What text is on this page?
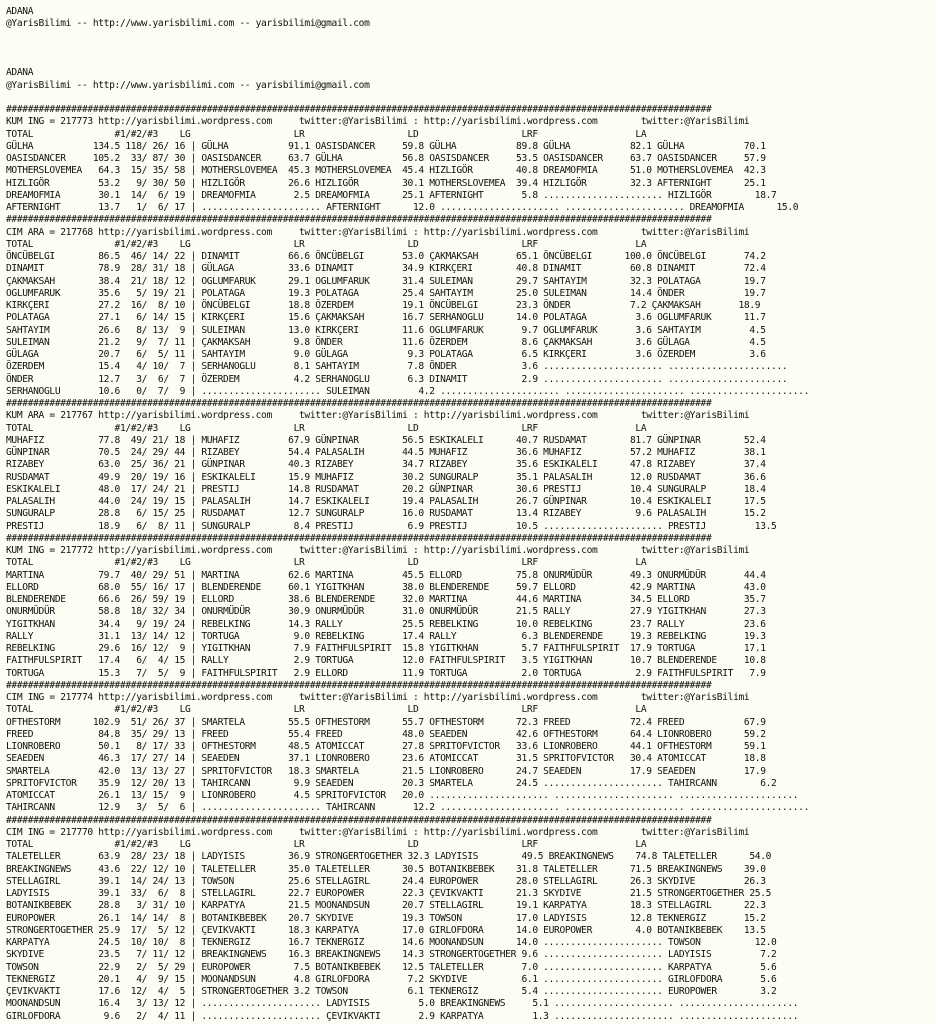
ADANA
@YarisBilimi -- http://www.yarisbilimi.com -- yarisbilimi@gmail.com

ADANA
@YarisBilimi -- http://www.yarisbilimi.com -- yarisbilimi@gmail.com

##################################################################################################################################
KUM ING = 217773 http://yarisbilimi.wordpress.com     twitter:@YarisBilimi : http://yarisbilimi.wordpress.com        twitter:@YarisBilimi
TOTAL               #1/#2/#3    LG                   LR                   LD                   LRF                  LA
GÜLHA           134.5 118/ 26/ 16 | GÜLHA           91.1 OASISDANCER     59.8 GÜLHA           89.8 GÜLHA           82.1 GÜLHA           70.1
OASISDANCER     105.2  33/ 87/ 30 | OASISDANCER     63.7 GÜLHA           56.8 OASISDANCER     53.5 OASISDANCER     63.7 OASISDANCER     57.9
MOTHERSLOVEMEA   64.3  15/ 35/ 58 | MOTHERSLOVEMEA  45.3 MOTHERSLOVEMEA  45.4 HIZLIGÖR        40.8 DREAMOFMIA      51.0 MOTHERSLOVEMEA  42.3
HIZLIGÖR         53.2   9/ 30/ 50 | HIZLIGÖR        26.6 HIZLIGÖR        30.1 MOTHERSLOVEMEA  39.4 HIZLIGÖR        32.3 AFTERNIGHT      25.1
DREAMOFMIA       30.1  14/  6/ 19 | DREAMOFMIA       2.5 DREAMOFMIA      25.1 AFTERNIGHT       5.8 ...................... HIZLIGÖR        18.7
AFTERNIGHT       13.7   1/  6/ 17 | ...................... AFTERNIGHT      12.0 ...................... ...................... DREAMOFMIA      15.0
##################################################################################################################################
CIM ARA = 217768 http://yarisbilimi.wordpress.com     twitter:@YarisBilimi : http://yarisbilimi.wordpress.com        twitter:@YarisBilimi
TOTAL               #1/#2/#3    LG                   LR                   LD                   LRF                  LA
ÖNCÜBELGI        86.5  46/ 14/ 22 | DINAMIT         66.6 ÖNCÜBELGI       53.0 ÇAKMAKSAH       65.1 ÖNCÜBELGI      100.0 ÖNCÜBELGI       74.2
DINAMIT          78.9  28/ 31/ 18 | GÜLAGA          33.6 DINAMIT         34.9 KIRKÇERI        40.8 DINAMIT         60.8 DINAMIT         72.4
ÇAKMAKSAH        38.4  21/ 18/ 12 | OGLUMFARUK      29.1 OGLUMFARUK      31.4 SULEIMAN        29.7 SAHTAYIM        32.3 POLATAGA        19.7
OGLUMFARUK       35.6   5/ 19/ 21 | POLATAGA        19.3 POLATAGA        25.4 SAHTAYIM        25.0 SULEIMAN        14.4 ÖNDER           19.7
KIRKÇERI         27.2  16/  8/ 10 | ÖNCÜBELGI       18.8 ÖZERDEM         19.1 ÖNCÜBELGI       23.3 ÖNDER           7.2 ÇAKMAKSAH       18.9
POLATAGA         27.1   6/ 14/ 15 | KIRKÇERI        15.6 ÇAKMAKSAH       16.7 SERHANOGLU      14.0 POLATAGA         3.6 OGLUMFARUK      11.7
SAHTAYIM         26.6   8/ 13/  9 | SULEIMAN        13.0 KIRKÇERI        11.6 OGLUMFARUK       9.7 OGLUMFARUK       3.6 SAHTAYIM         4.5
SULEIMAN         21.2   9/  7/ 11 | ÇAKMAKSAH        9.8 ÖNDER           11.6 ÖZERDEM          8.6 ÇAKMAKSAH        3.6 GÜLAGA           4.5
GÜLAGA           20.7   6/  5/ 11 | SAHTAYIM         9.0 GÜLAGA           9.3 POLATAGA         6.5 KIRKÇERI         3.6 ÖZERDEM          3.6
ÖZERDEM          15.4   4/ 10/  7 | SERHANOGLU       8.1 SAHTAYIM         7.8 ÖNDER            3.6 ...................... ......................
ÖNDER            12.7   3/  6/  7 | ÖZERDEM          4.2 SERHANOGLU       6.3 DINAMIT          2.9 ...................... ......................
SERHANOGLU       10.6   0/  7/  9 | ...................... SULEIMAN         4.2 ...................... ...................... ......................
##################################################################################################################################
KUM ARA = 217767 http://yarisbilimi.wordpress.com     twitter:@YarisBilimi : http://yarisbilimi.wordpress.com        twitter:@YarisBilimi
TOTAL               #1/#2/#3    LG                   LR                   LD                   LRF                  LA
MUHAFIZ          77.8  49/ 21/ 18 | MUHAFIZ         67.9 GÜNPINAR        56.5 ESKIKALELI      40.7 RUSDAMAT        81.7 GÜNPINAR        52.4
GÜNPINAR         70.5  24/ 29/ 44 | RIZABEY         54.4 PALASALIH       44.5 MUHAFIZ         36.6 MUHAFIZ         57.2 MUHAFIZ         38.1
RIZABEY          63.0  25/ 36/ 21 | GÜNPINAR        40.3 RIZABEY         34.7 RIZABEY         35.6 ESKIKALELI      47.8 RIZABEY         37.4
RUSDAMAT         49.9  20/ 19/ 16 | ESKIKALELI      15.9 MUHAFIZ         30.2 SUNGURALP       35.1 PALASALIH       12.0 RUSDAMAT        36.6
ESKIKALELI       48.0  17/ 24/ 21 | PRESTIJ         14.8 RUSDAMAT        20.2 GÜNPINAR        30.6 PRESTIJ         10.4 SUNGURALP       18.4
PALASALIH        44.0  24/ 19/ 15 | PALASALIH       14.7 ESKIKALELI      19.4 PALASALIH       26.7 GÜNPINAR        10.4 ESKIKALELI      17.5
SUNGURALP        28.8   6/ 15/ 25 | RUSDAMAT        12.7 SUNGURALP       16.0 RUSDAMAT        13.4 RIZABEY          9.6 PALASALIH       15.2
PRESTIJ          18.9   6/  8/ 11 | SUNGURALP        8.4 PRESTIJ          6.9 PRESTIJ         10.5 ...................... PRESTIJ         13.5
##################################################################################################################################
KUM ING = 217772 http://yarisbilimi.wordpress.com     twitter:@YarisBilimi : http://yarisbilimi.wordpress.com        twitter:@YarisBilimi
TOTAL               #1/#2/#3    LG                   LR                   LD                   LRF                  LA
MARTINA          79.7  40/ 29/ 51 | MARTINA         62.6 MARTINA         45.5 ELLORD          75.8 ONURMÜDÜR       49.3 ONURMÜDÜR       44.4
ELLORD           68.0  55/ 16/ 17 | BLENDERENDE     60.1 YIGITKHAN       38.0 BLENDERENDE     59.7 ELLORD          42.9 MARTINA         43.0
BLENDERENDE      66.6  26/ 59/ 19 | ELLORD          38.6 BLENDERENDE     32.0 MARTINA         44.6 MARTINA         34.5 ELLORD          35.7
ONURMÜDÜR        58.8  18/ 32/ 34 | ONURMÜDÜR       30.9 ONURMÜDÜR       31.0 ONURMÜDÜR       21.5 RALLY           27.9 YIGITKHAN       27.3
YIGITKHAN        34.4   9/ 19/ 24 | REBELKING       14.3 RALLY           25.5 REBELKING       10.0 REBELKING       23.7 RALLY           23.6
RALLY            31.1  13/ 14/ 12 | TORTUGA          9.0 REBELKING       17.4 RALLY            6.3 BLENDERENDE     19.3 REBELKING       19.3
REBELKING        29.6  16/ 12/  9 | YIGITKHAN        7.9 FAITHFULSPIRIT  15.8 YIGITKHAN        5.7 FAITHFULSPIRIT  17.9 TORTUGA         17.1
FAITHFULSPIRIT   17.4   6/  4/ 15 | RALLY            2.9 TORTUGA         12.0 FAITHFULSPIRIT   3.5 YIGITKHAN       10.7 BLENDERENDE     10.8
TORTUGA          15.3   7/  5/  9 | FAITHFULSPIRIT   2.9 ELLORD          11.9 TORTUGA          2.0 TORTUGA          2.9 FAITHFULSPIRIT   7.9
##################################################################################################################################
CIM ING = 217774 http://yarisbilimi.wordpress.com     twitter:@YarisBilimi : http://yarisbilimi.wordpress.com        twitter:@YarisBilimi
TOTAL               #1/#2/#3    LG                   LR                   LD                   LRF                  LA
OFTHESTORM      102.9  51/ 26/ 37 | SMARTELA        55.5 OFTHESTORM      55.7 OFTHESTORM      72.3 FREED           72.4 FREED           67.9
FREED            84.8  35/ 29/ 13 | FREED           55.4 FREED           48.0 SEAEDEN         42.6 OFTHESTORM      64.4 LIONROBERO      59.2
LIONROBERO       50.1   8/ 17/ 33 | OFTHESTORM      48.5 ATOMICCAT       27.8 SPRITOFVICTOR   33.6 LIONROBERO      44.1 OFTHESTORM      59.1
SEAEDEN          46.3  17/ 27/ 14 | SEAEDEN         37.1 LIONROBERO      23.6 ATOMICCAT       31.5 SPRITOFVICTOR   30.4 ATOMICCAT       18.8
SMARTELA         42.0  13/ 13/ 27 | SPRITOFVICTOR   18.3 SMARTELA        21.5 LIONROBERO      24.7 SEAEDEN         17.9 SEAEDEN         17.9
SPRITOFVICTOR    35.9  12/ 20/ 13 | TAHIRCANN        9.9 SEAEDEN         20.3 SMARTELA        24.5 ...................... TAHIRCANN        6.2
ATOMICCAT        26.1  13/ 15/  9 | LIONROBERO       4.5 SPRITOFVICTOR   20.0 ...................... ...................... ......................
TAHIRCANN        12.9   3/  5/  6 | ...................... TAHIRCANN       12.2 ...................... ...................... ......................
##################################################################################################################################
CIM ING = 217770 http://yarisbilimi.wordpress.com     twitter:@YarisBilimi : http://yarisbilimi.wordpress.com        twitter:@YarisBilimi
TOTAL               #1/#2/#3    LG                   LR                   LD                   LRF                  LA
TALETELLER       63.9  28/ 23/ 18 | LADYISIS        36.9 STRONGERTOGETHER 32.3 LADYISIS        49.5 BREAKINGNEWS    74.8 TALETELLER      54.0
BREAKINGNEWS     43.6  22/ 12/ 10 | TALETELLER      35.0 TALETELLER      30.5 BOTANIKBEBEK    31.8 TALETELLER      71.5 BREAKINGNEWS    39.0
STELLAGIRL       39.1  14/ 24/ 13 | TOWSON          25.6 STELLAGIRL      24.4 EUROPOWER       28.0 STELLAGIRL      26.3 SKYDIVE         26.3
LADYISIS         39.1  33/  6/  8 | STELLAGIRL      22.7 EUROPOWER       22.3 ÇEVIKVAKTI      21.3 SKYDIVE         21.5 STRONGERTOGETHER 25.5
BOTANIKBEBEK     28.8   3/ 31/ 10 | KARPATYA        21.5 MOONANDSUN      20.7 STELLAGIRL      19.1 KARPATYA        18.3 STELLAGIRL      22.3
EUROPOWER        26.1  14/ 14/  8 | BOTANIKBEBEK    20.7 SKYDIVE         19.3 TOWSON          17.0 LADYISIS        12.8 TEKNERGIZ       15.2
STRONGERTOGETHER 25.9  17/  5/ 12 | ÇEVIKVAKTI      18.3 KARPATYA        17.0 GIRLOFDORA      14.0 EUROPOWER        4.0 BOTANIKBEBEK    13.5
KARPATYA         24.5  10/ 10/  8 | TEKNERGIZ       16.7 TEKNERGIZ       14.6 MOONANDSUN      14.0 ...................... TOWSON          12.0
SKYDIVE          23.5   7/ 11/ 12 | BREAKINGNEWS    16.3 BREAKINGNEWS    14.3 STRONGERTOGETHER 9.6 ...................... LADYISIS         7.2
TOWSON           22.9   2/  5/ 29 | EUROPOWER        7.5 BOTANIKBEBEK    12.5 TALETELLER       7.0 ...................... KARPATYA         5.6
TEKNERGIZ        20.1   4/  9/ 15 | MOONANDSUN       4.8 GIRLOFDORA       7.2 SKYDIVE          6.1 ...................... GIRLOFDORA       5.6
ÇEVIKVAKTI       17.6  12/  4/  5 | STRONGERTOGETHER 3.2 TOWSON           6.1 TEKNERGIZ        5.4 ...................... EUROPOWER        3.2
MOONANDSUN       16.4   3/ 13/ 12 | ...................... LADYISIS         5.0 BREAKINGNEWS     5.1 ...................... ......................
GIRLOFDORA        9.6   2/  4/ 11 | ...................... ÇEVIKVAKTI       2.9 KARPATYA         1.3 ...................... ......................
